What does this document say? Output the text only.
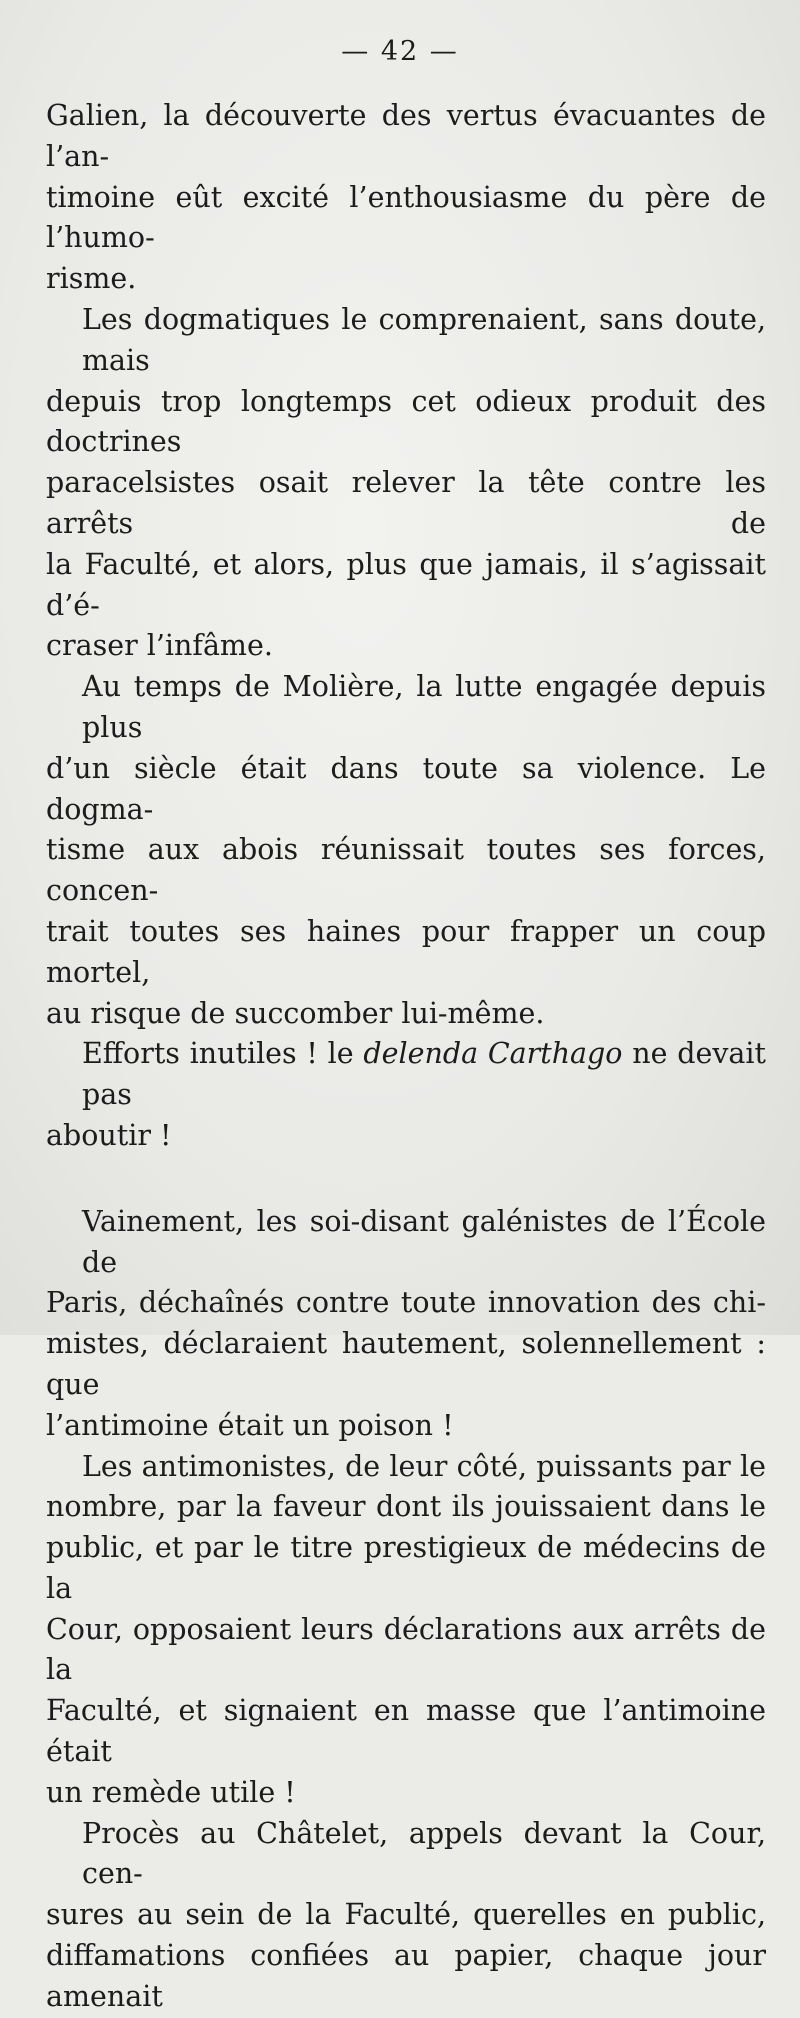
— 42 —

Galien, la découverte des vertus évacuantes de l’an-
timoine eût excité l’enthousiasme du père de l’humo-
risme.

Les dogmatiques le comprenaient, sans doute, mais
depuis trop longtemps cet odieux produit des doctrines
paracelsistes osait relever la tête contre les arrêts de
la Faculté, et alors, plus que jamais, il s’agissait d’é-
craser l’infâme.

Au temps de Molière, la lutte engagée depuis plus
d’un siècle était dans toute sa violence. Le dogma-
tisme aux abois réunissait toutes ses forces, concen-
trait toutes ses haines pour frapper un coup mortel,
au risque de succomber lui-même.

Efforts inutiles ! le delenda Carthago ne devait pas
aboutir !

Vainement, les soi-disant galénistes de l’École de
Paris, déchaînés contre toute innovation des chi-
mistes, déclaraient hautement, solennellement : que
l’antimoine était un poison !

Les antimonistes, de leur côté, puissants par le
nombre, par la faveur dont ils jouissaient dans le
public, et par le titre prestigieux de médecins de la
Cour, opposaient leurs déclarations aux arrêts de la
Faculté, et signaient en masse que l’antimoine était
un remède utile !

Procès au Châtelet, appels devant la Cour, cen-
sures au sein de la Faculté, querelles en public,
diffamations confiées au papier, chaque jour amenait
